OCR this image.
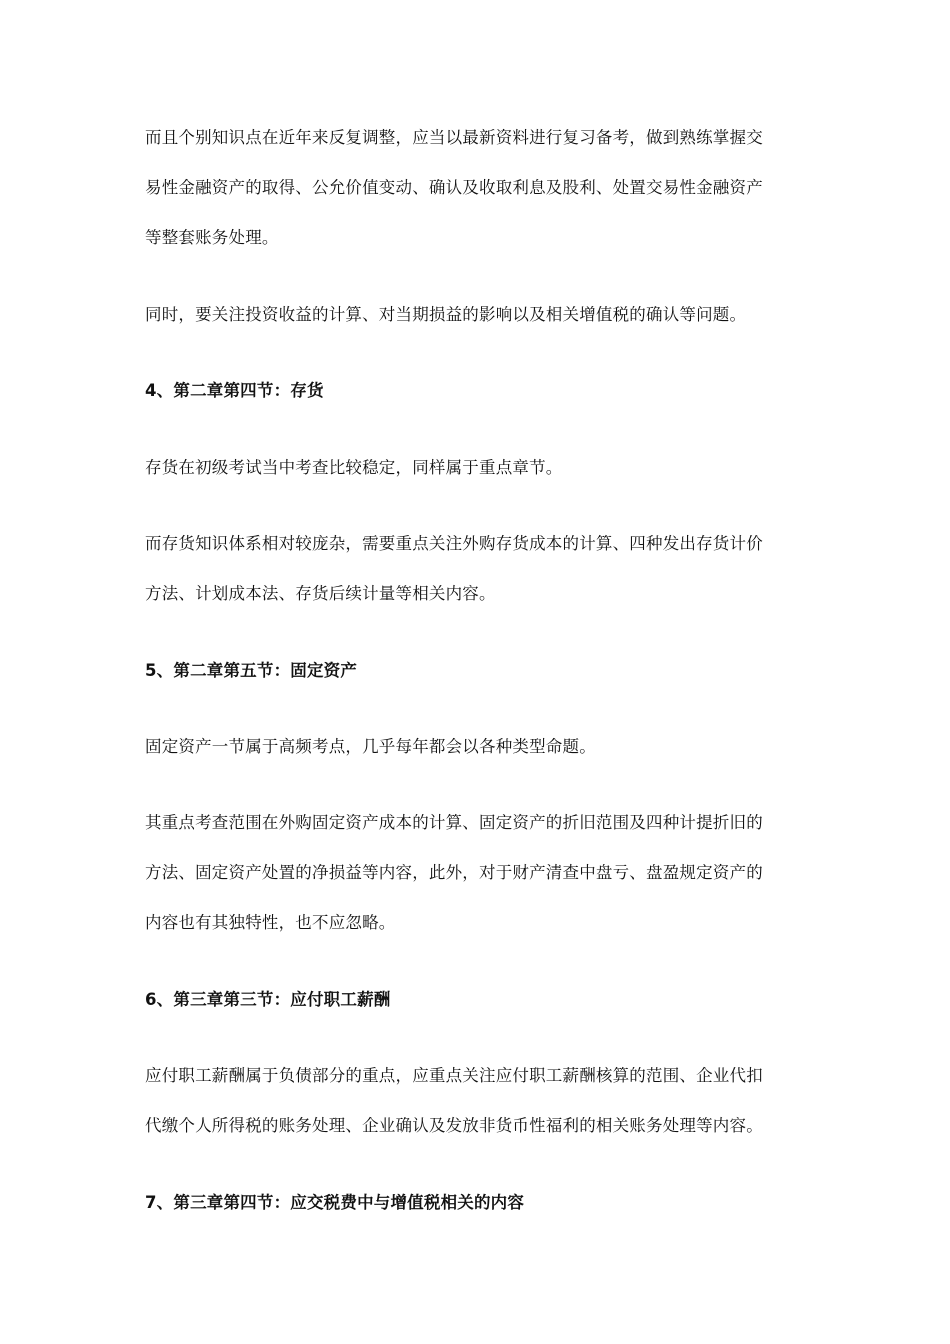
而且个别知识点在近年来反复调整，应当以最新资料进行复习备考，做到熟练掌握交
易性金融资产的取得、公允价值变动、确认及收取利息及股利、处置交易性金融资产
等整套账务处理。

同时，要关注投资收益的计算、对当期损益的影响以及相关增值税的确认等问题。

4、第二章第四节：存货

存货在初级考试当中考查比较稳定，同样属于重点章节。

而存货知识体系相对较庞杂，需要重点关注外购存货成本的计算、四种发出存货计价
方法、计划成本法、存货后续计量等相关内容。

5、第二章第五节：固定资产

固定资产一节属于高频考点，几乎每年都会以各种类型命题。

其重点考查范围在外购固定资产成本的计算、固定资产的折旧范围及四种计提折旧的
方法、固定资产处置的净损益等内容，此外，对于财产清查中盘亏、盘盈规定资产的
内容也有其独特性，也不应忽略。

6、第三章第三节：应付职工薪酬

应付职工薪酬属于负债部分的重点，应重点关注应付职工薪酬核算的范围、企业代扣
代缴个人所得税的账务处理、企业确认及发放非货币性福利的相关账务处理等内容。

7、第三章第四节：应交税费中与增值税相关的内容
